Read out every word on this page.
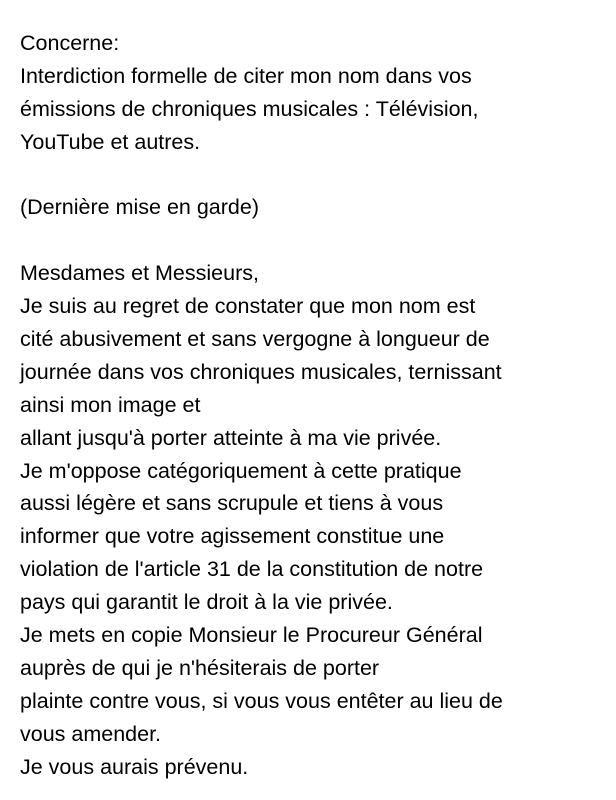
Concerne:
Interdiction formelle de citer mon nom dans vos
émissions de chroniques musicales : Télévision,
YouTube et autres.
(Dernière mise en garde)
Mesdames et Messieurs,
Je suis au regret de constater que mon nom est
cité abusivement et sans vergogne à longueur de
journée dans vos chroniques musicales, ternissant
ainsi mon image et
allant jusqu'à porter atteinte à ma vie privée.
Je m'oppose catégoriquement à cette pratique
aussi légère et sans scrupule et tiens à vous
informer que votre agissement constitue une
violation de l'article 31 de la constitution de notre
pays qui garantit le droit à la vie privée.
Je mets en copie Monsieur le Procureur Général
auprès de qui je n'hésiterais de porter
plainte contre vous, si vous vous entêter au lieu de
vous amender.
Je vous aurais prévenu.
